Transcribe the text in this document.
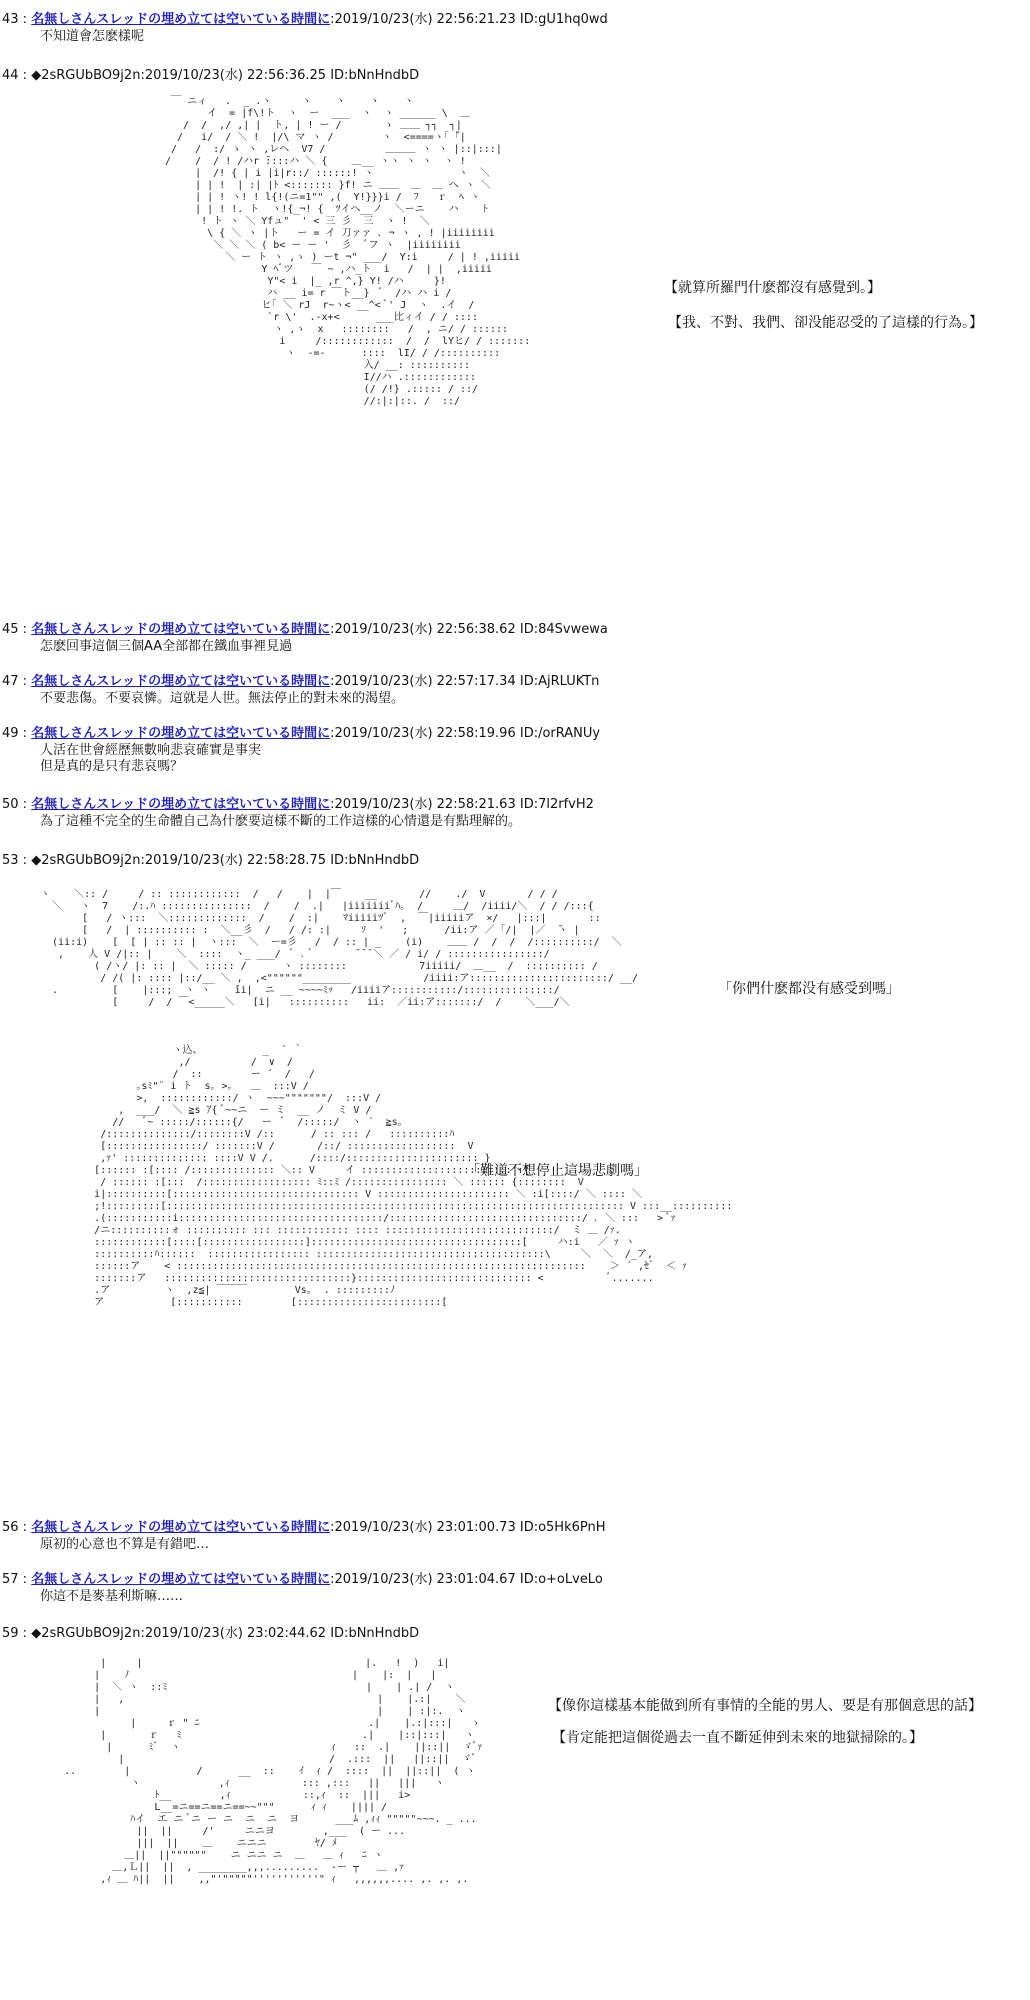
43 : 名無しさんスレッドの埋め立ては空いている時間に:2019/10/23(水) 22:56:21.23 ID:gU1hq0wd
不知道會怎麽樣呢
44 : ◆2sRGUbBO9j2n:2019/10/23(水) 22:56:36.25 ID:bNnHndbD
￣ ニィ   .  _ .ヽ     ヽ    ヽ    ヽ    ヽ
イ  = |f\!ト  ヽ  ー  ___  ヽ  ヽ ______ \  ＿
/  /  ,/ ,| |  ト, | ! ー /       ゝ ＿＿ ┐┐  ┐|
/   i/  / ＼ !  |/\ マ ヽ /        ヽ  <====ヽ｢ ̄｢|
/   /  :/ ゝ ヽ ,レヘ  V7 /          ＿＿＿ ヽ ヽ |::|:::|
/    /  / ! /ハr ̄::::ハ ＼ {    ＿__ ヽヽ ヽ ヽ  ヽ !
|  /! { | i |i|r::/ ::::::! ヽ              ヽ  ＼
| | !  | :| |ﾄ <::::::: }f! ニ ＿＿  ＿  ＿ へ ヽ ＼
| | ! ヽ! ! l{!(ニ=1"" ,(  Y!}}}i /  ﾌ   ｒ  ﾍ ヽ
| | ! !. ト  ヽ!{_¬! {  ﾂイヘ__ノ  ＼ーニ    ハ    ﾄ
! ト ヽ ＼ Yfュ"  ' < 三 彡  三  ヽ !  ＼
\ { ＼ ヽ |ト   ー = イ 刀ァァ ､ ¬ ヽ , ! |iiiiiiii
＼ ＼ ＼ ( b< ー ー '  彡  ﾞフ ヽ  |iiiiiiii
＼ ー ト ヽ ,ゝ ) ーt ¬" ___/  Y:i     / | ! ,iiiii
Y ﾍﾞツ   ￣ ~ ,ハ_ト  i   /  | |  ,iiiii
Y"< i  |_ ,r ^,} Y! /ハ     }!
ハ __ i= r ￣ト__}  ﾞ  /ハ ハ i /
ヒ｢ ＼ rJ  r~ヽ< __^< ﾞ' J  ヽ  .イ  /
`r \'  .-x+<      ___比ィイ / / ::::
ヽ ,ゝ  x   ::::::::   /  , ニ/ / ::::::
i     /::::::::::::  /  /  lYヒ/ / :::::::
ヽ  -=-      ::::  lI/ / /::::::::::
入/ __: ::::::::::
I//ハ .::::::::::::
(/ /!} .::::: / ::/
//:|:|::. /  ::/
【就算所羅門什麽都沒有感覺到。】
【我、不對、我們、卻没能忍受的了這樣的行為。】
45 : 名無しさんスレッドの埋め立ては空いている時間に:2019/10/23(水) 22:56:38.62 ID:84Svwewa
怎麽回事這個三個AA全部都在鐵血事裡見過
47 : 名無しさんスレッドの埋め立ては空いている時間に:2019/10/23(水) 22:57:17.34 ID:AjRLUKTn
不要悲傷。不要哀憐。這就是人世。無法停止的對未來的渴望。
49 : 名無しさんスレッドの埋め立ては空いている時間に:2019/10/23(水) 22:58:19.96 ID:/orRANUy
人活在世會經歷無數响悲哀確實是事実
但是真的是只有悲哀嗎？
50 : 名無しさんスレッドの埋め立ては空いている時間に:2019/10/23(水) 22:58:21.63 ID:7l2rfvH2
為了這種不完全的生命體自己為什麽要這樣不斷的工作這樣的心情還是有點理解的。
53 : ◆2sRGUbBO9j2n:2019/10/23(水) 22:58:28.75 ID:bNnHndbD
ヽ    ＼:: /     / :: ::::::::::::  /   /    |  |￣    __       //    ./  V       / / /
＼   ヽ  7    /:.ﾊ :::::::::::::::  /    /  .|   |iiiiiiiﾞﾊ｡  /     ＿/  /iiii/＼  / / /:::{
[   / ヽ:::  ＼:::::::::::::  /    /  :|    ﾏiiiiiﾂﾞ  ,  ￣|iiiiiア  ×/   |:::|       ::
[   /  | :::::::::: :  ＼__彡  /   / /: :|     ｿ  '   ;      /ii:ア ／ ｢/|  |／  ̄ヽ |
(ii:i)    [  [ | :: :: |  ヽ:::  ＼  ー=彡   /  / :: | _    (i)    ＿＿ /  /  /  /::::::::::/  ＼
,    人 V /|:: |    ＼  ::::  ヽ_ ___/  ﾞ ､ ﾞ       ̄ ̄ ̄ ＼ ／ / i/ / ::::::::::::::::/
( /ヽ/ |: :: |  ＼ ::::: /      ヽ ::::::::            7iiiii/  ＿__  /  :::::::::: /
/ /( |: :::: |::/__ ＼ ,  ,<""""""________            /iiii:ア:::::::::::::::::::::::/ __/
.         [    |:::;  ヽ ヽ    ̄ii|  ニ __ ~~~~ﾐｯ   /iiiiア:::::::::::/:::::::::::::::/
[     /  / ￣<_____＼   [i|   ::::::::::   ii:  ／ii:ア:::::::/  /    ＼___/＼

ヽ込、          _  ´ ｀
,/          /  ∨  /
/  ::        ー ´  /   /
｡sﾐ"¨ i ト  s｡ >｡   ＿  :::V /
>,  ::::::::::::/ ヽ  ~~~"""""""/  :::V /
,  ___/  ＼ ≧s ｱ{ ﾞ~~ニ  ー ミ  __ ノ  ミ V /
//   ﾞ~ :::::/::::::{/   ー  ﾞ  /:::::/  ヽ ´  ≧s｡
/::::::::::::::/::::::::V /::      / :: ::: /   ::::::::::ﾊ
[::::::::::::::::/ :::::::V /       /::/ ::::::::::::::::::  V
,ｧ' :::::::::::::: ::::V V /.      /::::/:::::::::::::::::::::: }
[:::::: :[:::: /:::::::::::::: ＼:: V     イ ::::::::::::::::::::::::: :{
/ :::::: :[:::  /:::::::::::::::::: ﾐ::ﾐ /:::::::::::::::: ＼ :::::: {::::::::  V
i|::::::::::[::::::::::::::::::::::::::::::: V :::::::::::::::::::::: ＼ :i[::::/ ＼ :::: ＼
;!:::::::::[:::::::::::::::::::::::::::::::::::::::::::::::::::::::::::::::::::::::::::: V :::__::::::::::
.(:::::::::::i::::::::::::::::::::::::::::::::::/::::::::::::::::::::::::::::::::/ ､ ＼ :::   > ﾞｧ
/ニ::::::::::ォ :::::::::: ::: :::::::::::: :::: ::::::::::::::::::::::::::::/  ミ ＿ /ｧ.
::::::::::::[::::[:::::::::::::::::]:::::::::::::::::::::::::::::::::::[     ハ:i   ／ ｧ ヽ
::::::::::ﾊ::::::  ::::::::::::::::: ::::::::::::::::::::::::::::::::::::::\     ＼  ＼  /_ア,
::::::ア    < ::::::::::::::::::::::::::::::::::::::::::::::::::::::::::::::::::::    ＞ ´ ,ｾﾞ  ＜ ｧ
:::::::ア   :::::::::::::::::::::::::::::::}::::::::::::::::::::::::::::: <           ﾞ.......
.ア         ヽ  ,z≦| ￣￣￣        Vs｡  . :::::::::ﾉ
ア           [:::::::::::        [::::::::::::::::::::::::[
「你們什麽都没有感受到嗎」
「難道不想停止這場悲劇嗎」
56 : 名無しさんスレッドの埋め立ては空いている時間に:2019/10/23(水) 23:01:00.73 ID:o5Hk6PnH
原初的心意也不算是有錯吧…
57 : 名無しさんスレッドの埋め立ては空いている時間に:2019/10/23(水) 23:01:04.67 ID:o+oLveLo
你這不是麥基利斯嘛……
59 : ◆2sRGUbBO9j2n:2019/10/23(水) 23:02:44.62 ID:bNnHndbD
|     |                                     |.   !  )   i|
|    ﾉ                                     |    |:  |   |
|  ＼ ヽ  ::ﾐ                                 |    | .| /  ヽ
|   ,                                          |    |.:|    ＼
|                                              |    | :|:.  ヽ
|     ｒ " ﾆ                            .|    |.:|:::|   ゝ
|       ｒ   ﾐ                              .|    |::|:::|   ヽ
|      ﾐﾞ  ヽ                         ｨ   ::  .|    ||::||  ゞﾞｧ
|                                  /  .:::  ||   ||::||  ゞﾞ
..        |           /      __  ::    ｲ  ｨ /  ::::  ||  ||::||  ( ヽ
ヽ             ,ｨ            ::: ,:::   ||   |||   ヽ
ﾄ__        ,ｨ            ::,ｨ  ::  |||   i>
L__=ニ==ニ==ニ==~~"""      ｨ ｨ    |||| /
ﾊイ  エ ニ ﾞニ ー ニ  ニ  ニ  ヨ      ___ﾑ ,ｨｨ """""~~~. _ ...
||  ||     /'     ニニヨ        ,___  ( ー ...
|||  ||    ＿    ニニニ        ﾔ/ ﾒ
＿||  ||""""""    ニ ニニ ニ  ＿   ＿ ｨ   ﾆ ヽ
＿,Ｌ||  ||  , ________,,,.........  -ー ┬   ＿ ,ｧ
,ｨ ＿ ﾊ||  ||    ,,"'"""""'''''''''''" ｨ   ,,,,,,.... ,. ,. ,.
【像你這樣基本能做到所有事情的全能的男人、要是有那個意思的話】
【肯定能把這個從過去一直不斷延伸到未來的地獄掃除的。】
